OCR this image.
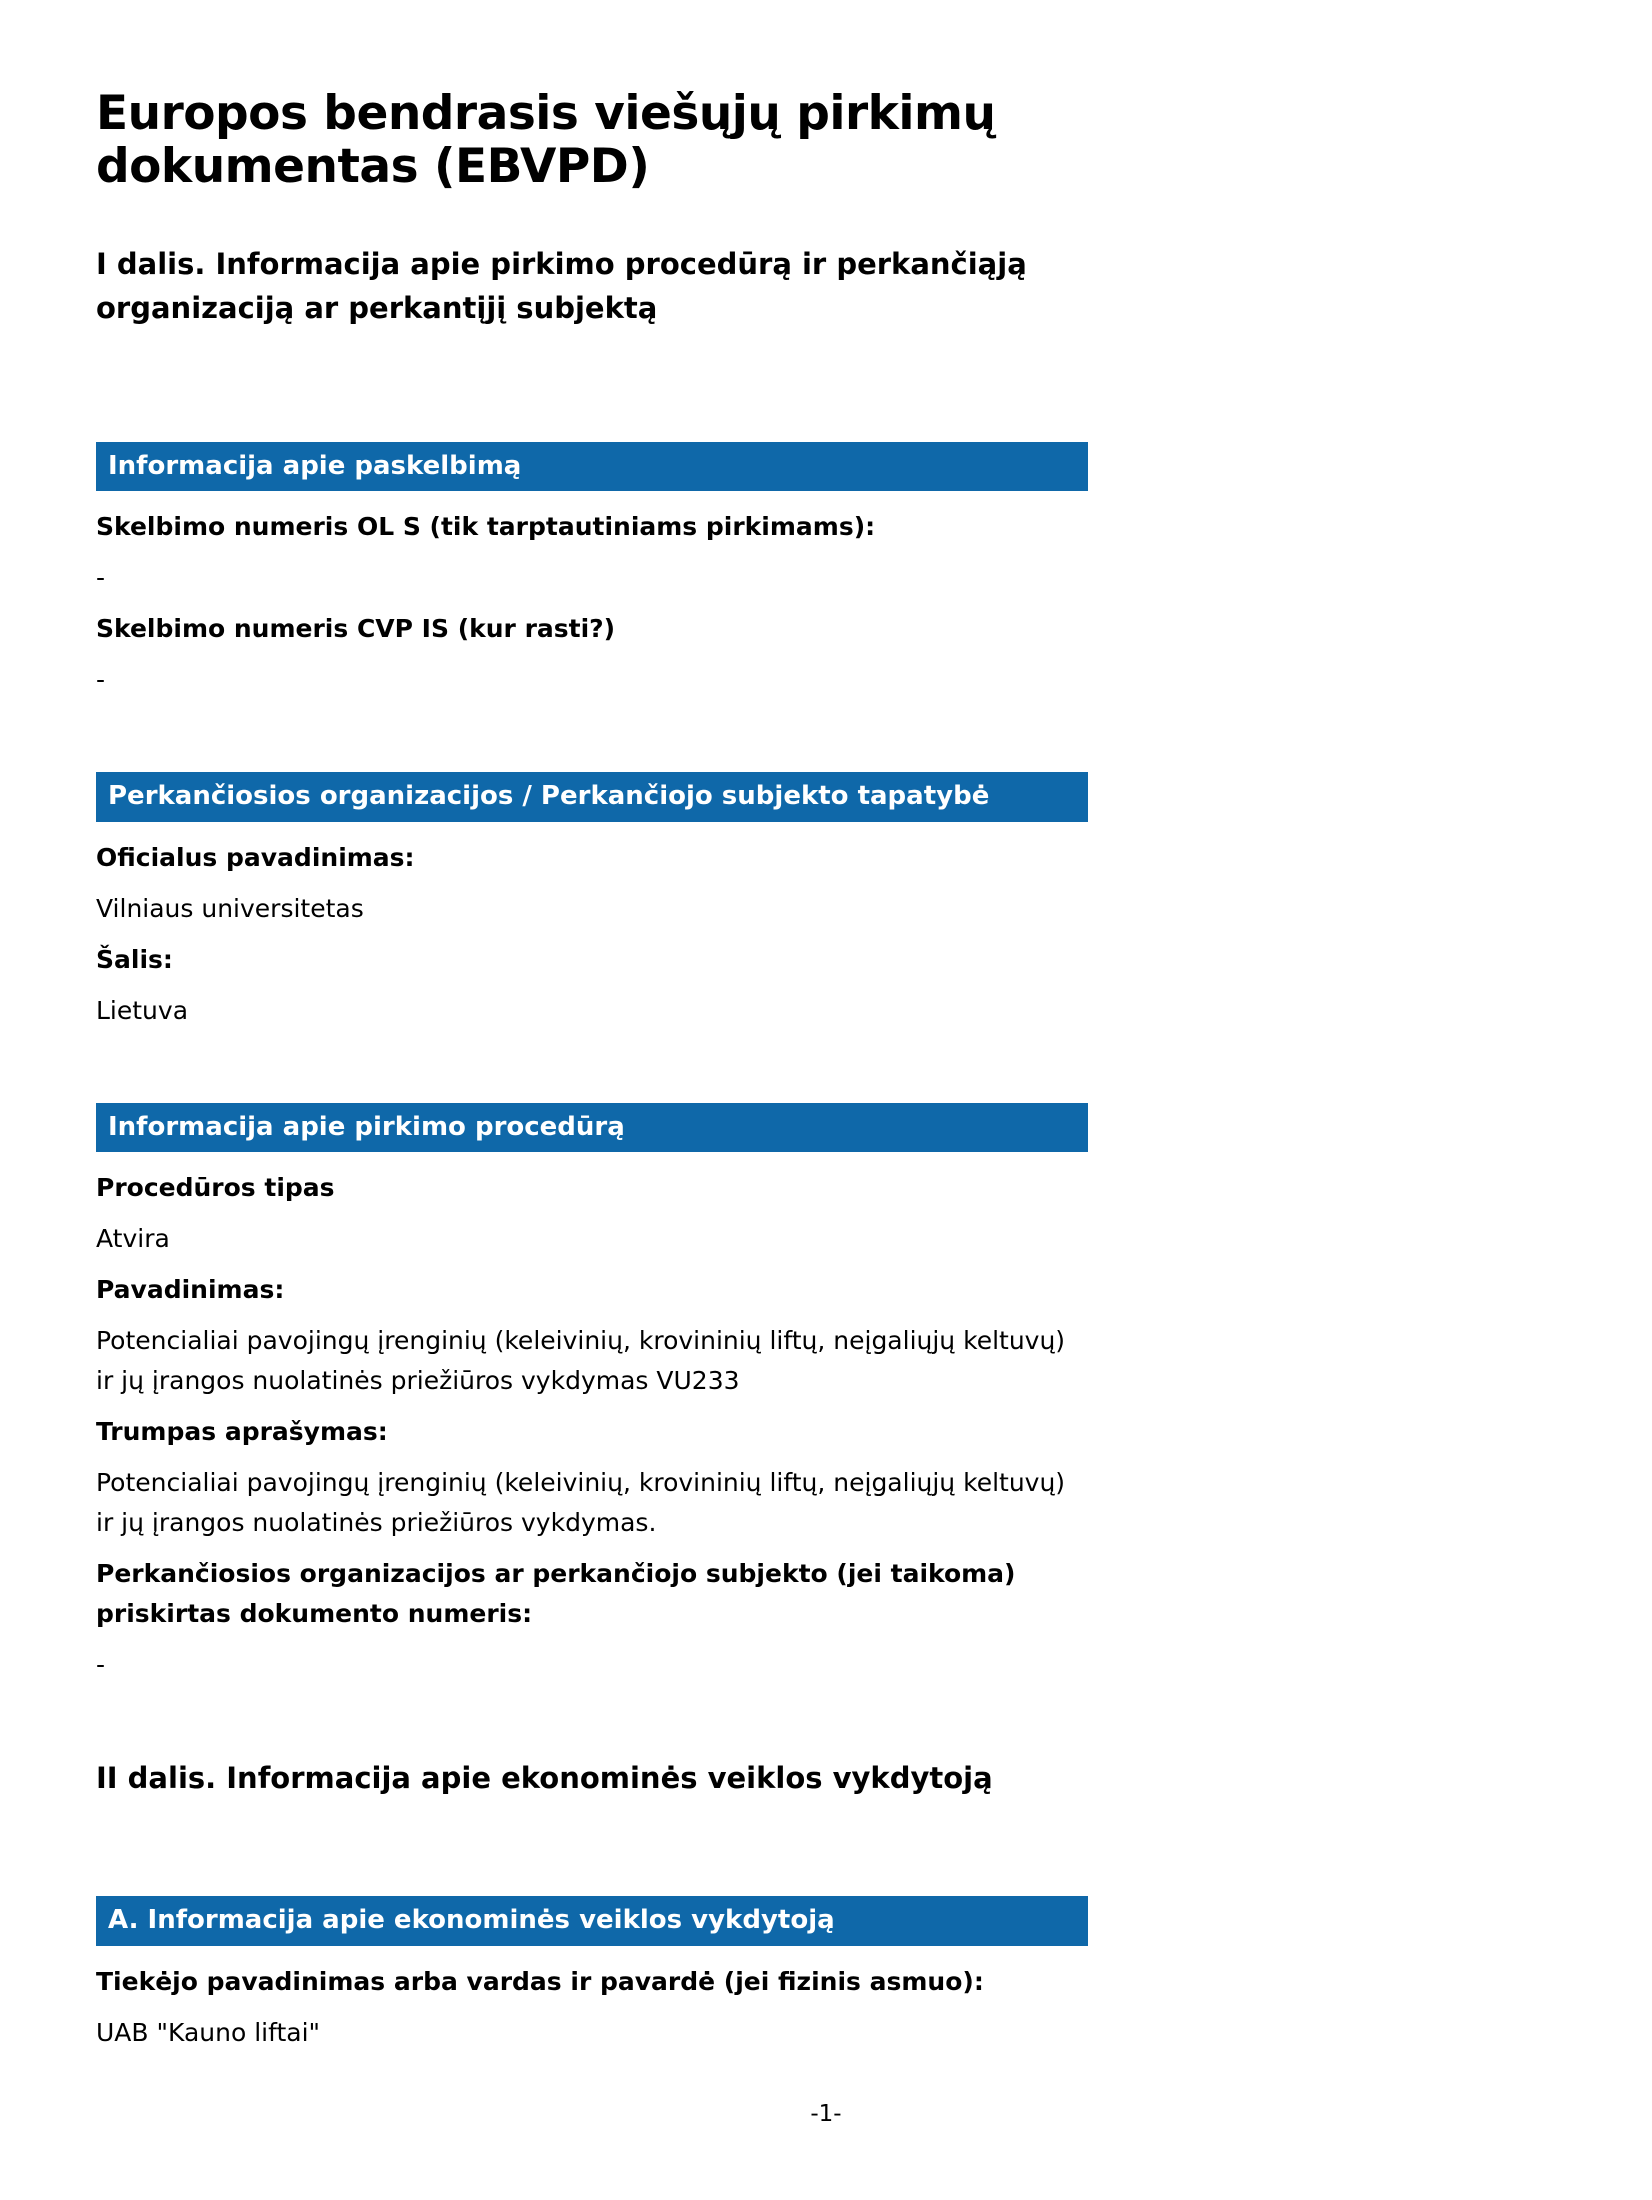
Europos bendrasis viešųjų pirkimų dokumentas (EBVPD)
I dalis. Informacija apie pirkimo procedūrą ir perkančiąją organizaciją ar perkantįjį subjektą
Informacija apie paskelbimą

Skelbimo numeris OL S (tik tarptautiniams pirkimams):

-

Skelbimo numeris CVP IS (kur rasti?)

-

Perkančiosios organizacijos / Perkančiojo subjekto tapatybė

Oficialus pavadinimas:

Vilniaus universitetas

Šalis:

Lietuva

Informacija apie pirkimo procedūrą

Procedūros tipas

Atvira

Pavadinimas:

Potencialiai pavojingų įrenginių (keleivinių, krovininių liftų, neįgaliųjų keltuvų) ir jų įrangos nuolatinės priežiūros vykdymas VU233

Trumpas aprašymas:

Potencialiai pavojingų įrenginių (keleivinių, krovininių liftų, neįgaliųjų keltuvų) ir jų įrangos nuolatinės priežiūros vykdymas.

Perkančiosios organizacijos ar perkančiojo subjekto (jei taikoma) priskirtas dokumento numeris:

-

II dalis. Informacija apie ekonominės veiklos vykdytoją
A. Informacija apie ekonominės veiklos vykdytoją

Tiekėjo pavadinimas arba vardas ir pavardė (jei fizinis asmuo):

UAB "Kauno liftai"

-1-
